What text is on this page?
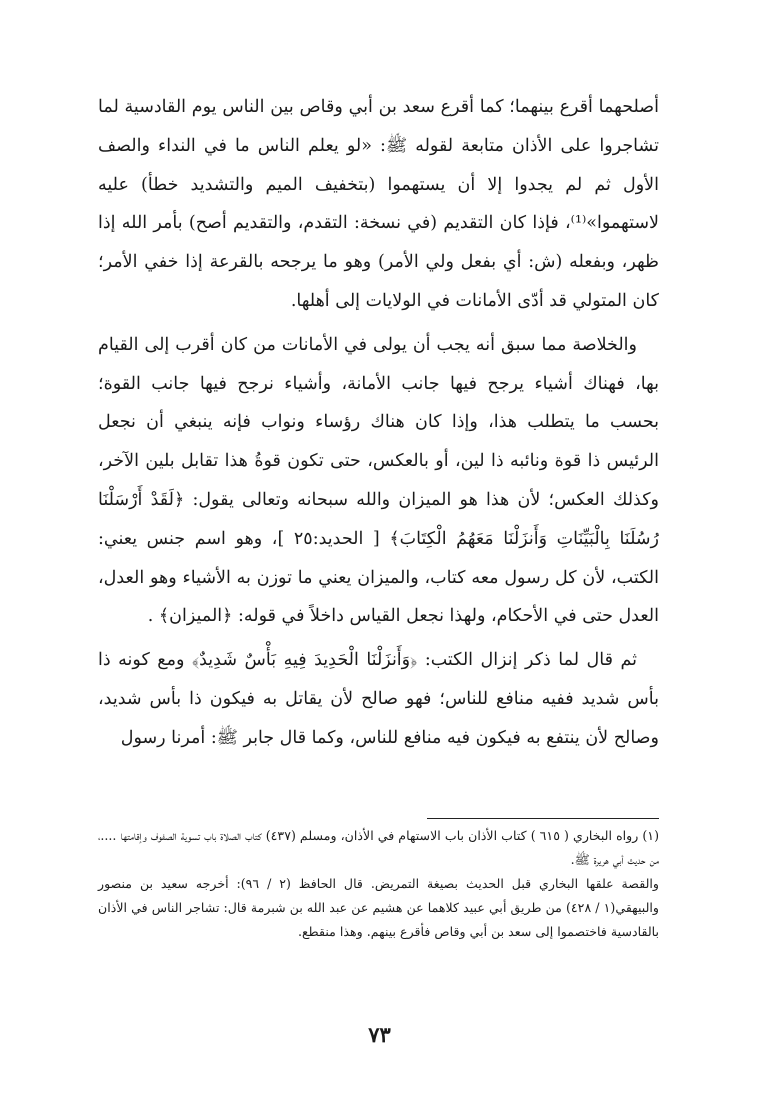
أصلحهما أقرع بينهما؛ كما أقرع سعد بن أبي وقاص بين الناس يوم القادسية لما تشاجروا على الأذان متابعة لقوله ﷺ: «لو يعلم الناس ما في النداء والصف الأول ثم لم يجدوا إلا أن يستهموا (بتخفيف الميم والتشديد خطأ) عليه لاستهموا»⁽¹⁾، فإذا كان التقديم (في نسخة: التقدم، والتقديم أصح) بأمر الله إذا ظهر، وبفعله (ش: أي بفعل ولي الأمر) وهو ما يرجحه بالقرعة إذا خفي الأمر؛ كان المتولي قد أدّى الأمانات في الولايات إلى أهلها.

والخلاصة مما سبق أنه يجب أن يولى في الأمانات من كان أقرب إلى القيام بها، فهناك أشياء يرجح فيها جانب الأمانة، وأشياء نرجح فيها جانب القوة؛ بحسب ما يتطلب هذا، وإذا كان هناك رؤساء ونواب فإنه ينبغي أن نجعل الرئيس ذا قوة ونائبه ذا لين، أو بالعكس، حتى تكون قوةُ هذا تقابل بلين الآخر، وكذلك العكس؛ لأن هذا هو الميزان والله سبحانه وتعالى يقول: ﴿لَقَدْ أَرْسَلْنَا رُسُلَنَا بِالْبَيِّنَاتِ وَأَنزَلْنَا مَعَهُمُ الْكِتَابَ﴾ [ الحديد:٢٥ ]، وهو اسم جنس يعني: الكتب، لأن كل رسول معه كتاب، والميزان يعني ما توزن به الأشياء وهو العدل، العدل حتى في الأحكام، ولهذا نجعل القياس داخلاً في قوله: ﴿الميزان﴾ .

ثم قال لما ذكر إنزال الكتب: ﴿وَأَنزَلْنَا الْحَدِيدَ فِيهِ بَأْسٌ شَدِيدٌ﴾ ومع كونه ذا بأس شديد ففيه منافع للناس؛ فهو صالح لأن يقاتل به فيكون ذا بأس شديد، وصالح لأن ينتفع به فيكون فيه منافع للناس، وكما قال جابر ﷺ: أمرنا رسول

(١) رواه البخاري ( ٦١٥ ) كتاب الأذان باب الاستهام في الأذان، ومسلم (٤٣٧) كتاب الصلاة باب تسوية الصفوف وإقامتها ....، من حديث أبي هريرة ﷺ.

والقصة علقها البخاري قبل الحديث بصيغة التمريض. قال الحافظ (٢ / ٩٦): أخرجه سعيد بن منصور والبيهقي(١ / ٤٢٨) من طريق أبي عبيد كلاهما عن هشيم عن عبد الله بن شبرمة قال: تشاجر الناس في الأذان بالقادسية فاختصموا إلى سعد بن أبي وقاص فأقرع بينهم. وهذا منقطع.

٧٣
